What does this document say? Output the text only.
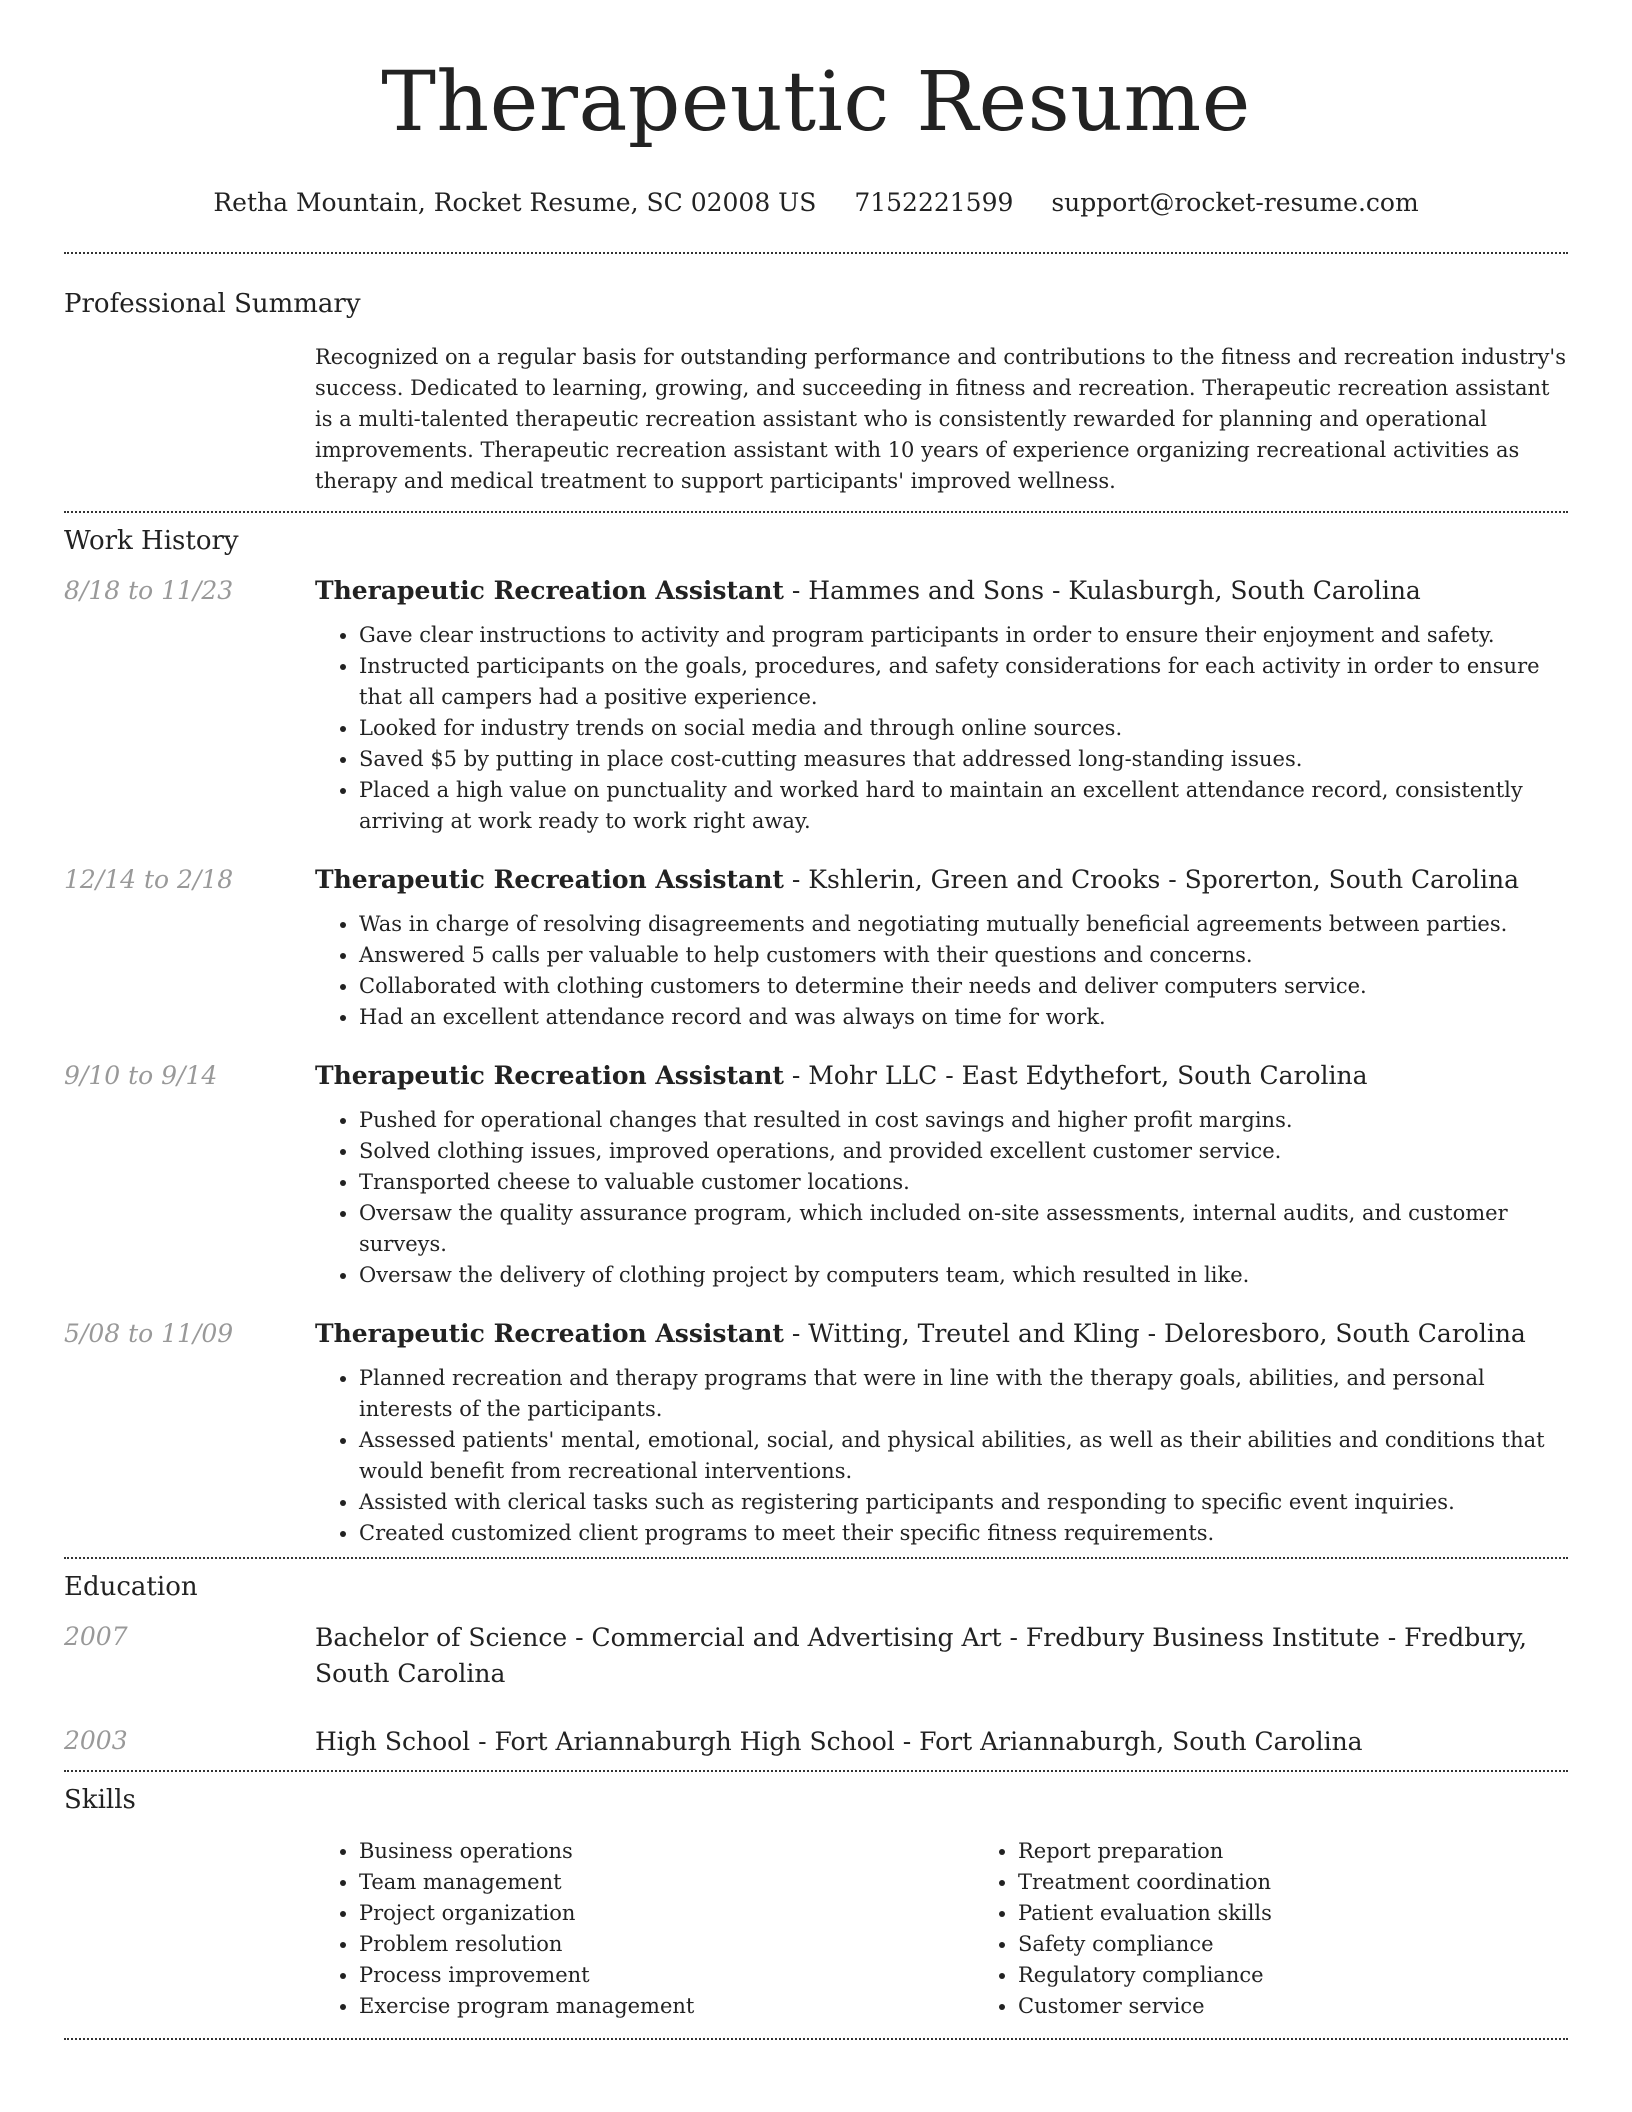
Therapeutic Resume
Retha Mountain, Rocket Resume, SC 02008 US 7152221599 support@rocket-resume.com
Professional Summary
Recognized on a regular basis for outstanding performance and contributions to the fitness and recreation industry's success. Dedicated to learning, growing, and succeeding in fitness and recreation. Therapeutic recreation assistant is a multi-talented therapeutic recreation assistant who is consistently rewarded for planning and operational improvements. Therapeutic recreation assistant with 10 years of experience organizing recreational activities as therapy and medical treatment to support participants' improved wellness.
Work History
8/18 to 11/23	Therapeutic Recreation Assistant - Hammes and Sons - Kulasburgh, South Carolina
• Gave clear instructions to activity and program participants in order to ensure their enjoyment and safety.
• Instructed participants on the goals, procedures, and safety considerations for each activity in order to ensure that all campers had a positive experience.
• Looked for industry trends on social media and through online sources.
• Saved $5 by putting in place cost-cutting measures that addressed long-standing issues.
• Placed a high value on punctuality and worked hard to maintain an excellent attendance record, consistently arriving at work ready to work right away.
12/14 to 2/18	Therapeutic Recreation Assistant - Kshlerin, Green and Crooks - Sporerton, South Carolina
• Was in charge of resolving disagreements and negotiating mutually beneficial agreements between parties.
• Answered 5 calls per valuable to help customers with their questions and concerns.
• Collaborated with clothing customers to determine their needs and deliver computers service.
• Had an excellent attendance record and was always on time for work.
9/10 to 9/14	Therapeutic Recreation Assistant - Mohr LLC - East Edythefort, South Carolina
• Pushed for operational changes that resulted in cost savings and higher profit margins.
• Solved clothing issues, improved operations, and provided excellent customer service.
• Transported cheese to valuable customer locations.
• Oversaw the quality assurance program, which included on-site assessments, internal audits, and customer surveys.
• Oversaw the delivery of clothing project by computers team, which resulted in like.
5/08 to 11/09	Therapeutic Recreation Assistant - Witting, Treutel and Kling - Deloresboro, South Carolina
• Planned recreation and therapy programs that were in line with the therapy goals, abilities, and personal interests of the participants.
• Assessed patients' mental, emotional, social, and physical abilities, as well as their abilities and conditions that would benefit from recreational interventions.
• Assisted with clerical tasks such as registering participants and responding to specific event inquiries.
• Created customized client programs to meet their specific fitness requirements.
Education
2007	Bachelor of Science - Commercial and Advertising Art - Fredbury Business Institute - Fredbury, South Carolina
2003	High School - Fort Ariannaburgh High School - Fort Ariannaburgh, South Carolina
Skills
• Business operations
• Team management
• Project organization
• Problem resolution
• Process improvement
• Exercise program management
• Report preparation
• Treatment coordination
• Patient evaluation skills
• Safety compliance
• Regulatory compliance
• Customer service
